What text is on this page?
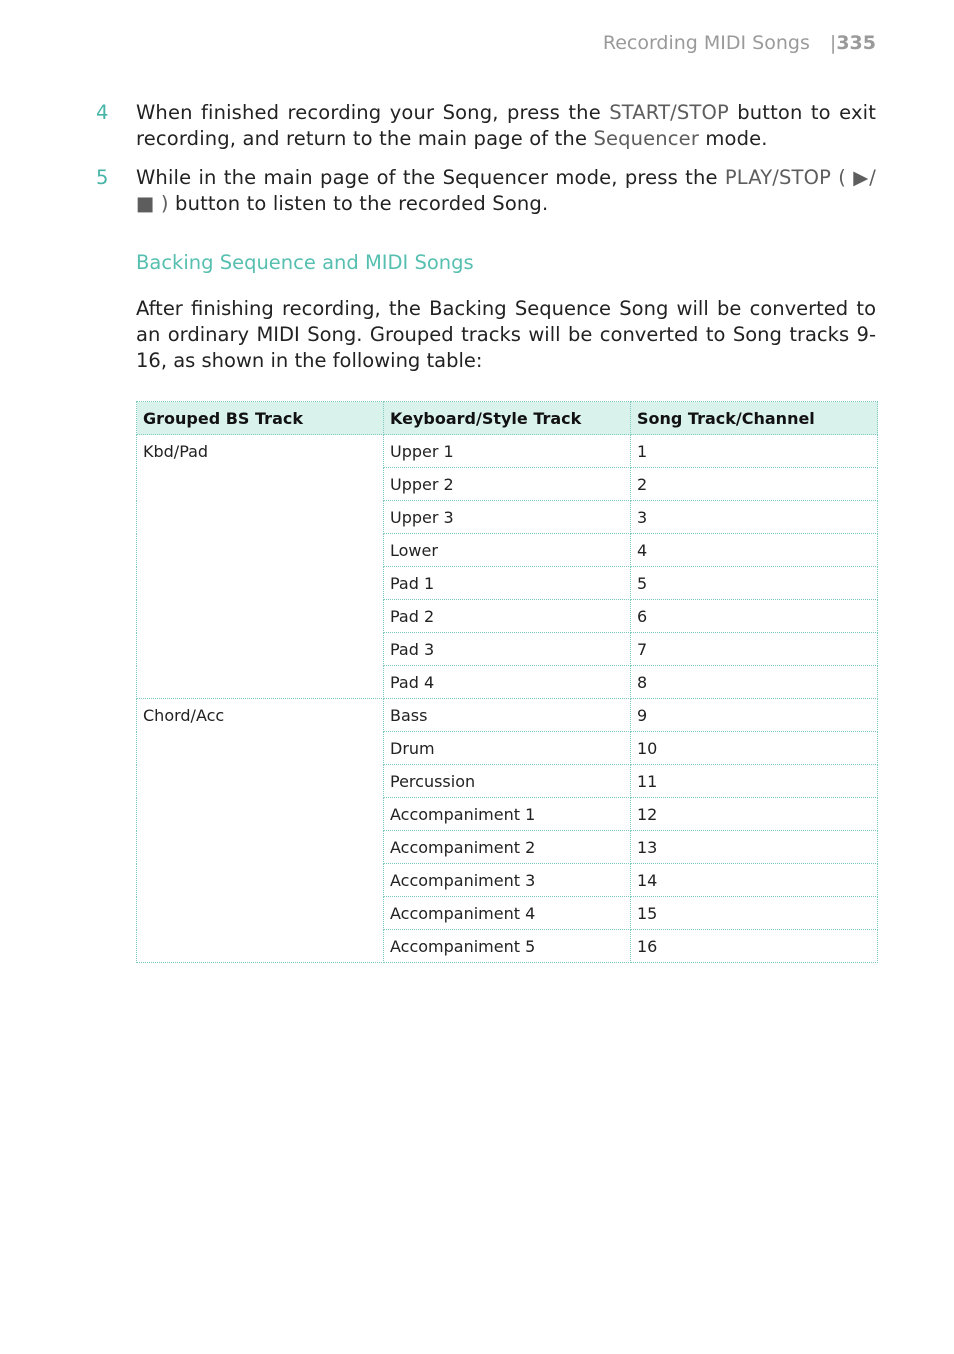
Recording MIDI Songs |335
4 When finished recording your Song, press the START/STOP button to exit recording, and return to the main page of the Sequencer mode.
5 While in the main page of the Sequencer mode, press the PLAY/STOP ( ▶/■ ) button to listen to the recorded Song.
Backing Sequence and MIDI Songs
After finishing recording, the Backing Sequence Song will be converted to an ordinary MIDI Song. Grouped tracks will be converted to Song tracks 9-16, as shown in the following table:
Grouped BS Track	Keyboard/Style Track	Song Track/Channel
Kbd/Pad	Upper 1	1
	Upper 2	2
	Upper 3	3
	Lower	4
	Pad 1	5
	Pad 2	6
	Pad 3	7
	Pad 4	8
Chord/Acc	Bass	9
	Drum	10
	Percussion	11
	Accompaniment 1	12
	Accompaniment 2	13
	Accompaniment 3	14
	Accompaniment 4	15
	Accompaniment 5	16
